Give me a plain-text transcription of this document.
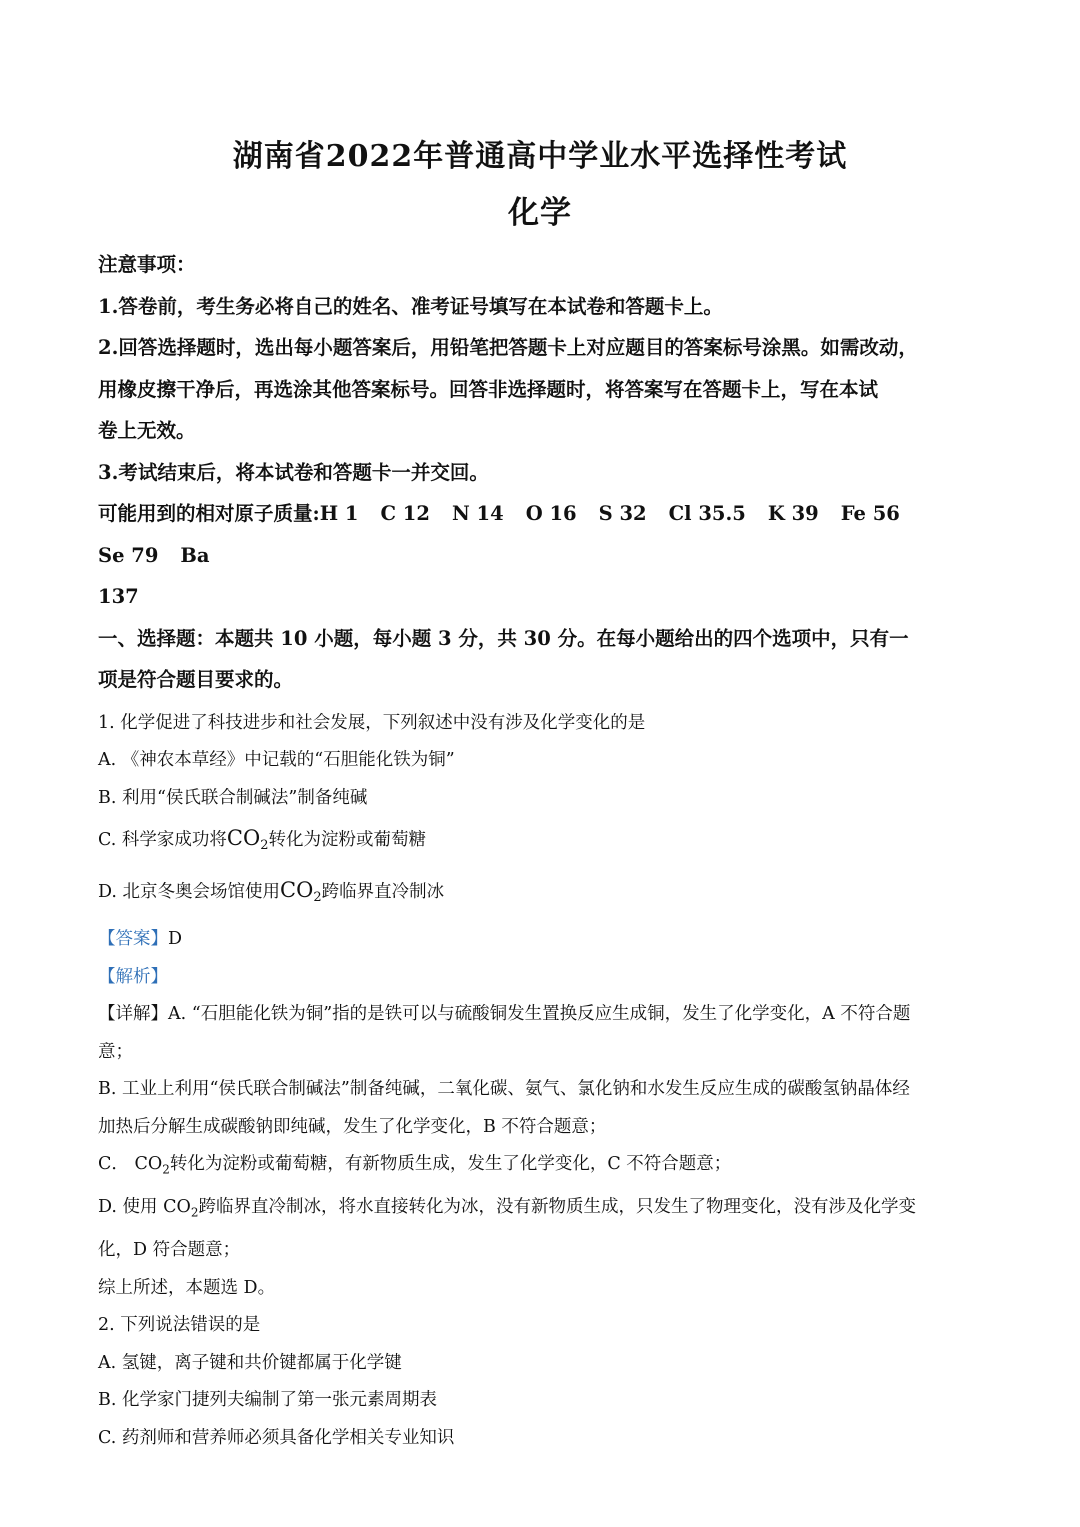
湖南省2022年普通高中学业水平选择性考试
化学

注意事项：

1.答卷前，考生务必将自己的姓名、准考证号填写在本试卷和答题卡上。

2.回答选择题时，选出每小题答案后，用铅笔把答题卡上对应题目的答案标号涂黑。如需改动，

用橡皮擦干净后，再选涂其他答案标号。回答非选择题时，将答案写在答题卡上，写在本试

卷上无效。

3.考试结束后，将本试卷和答题卡一并交回。

可能用到的相对原子质量:H 1 C 12 N 14 O 16 S 32 Cl 35.5 K 39 Fe 56Se 79 Ba

137

一、选择题：本题共 10 小题，每小题 3 分，共 30 分。在每小题给出的四个选项中，只有一

项是符合题目要求的。

1. 化学促进了科技进步和社会发展，下列叙述中没有涉及化学变化的是

A. 《神农本草经》中记载的“石胆能化铁为铜”

B. 利用“侯氏联合制碱法”制备纯碱

C. 科学家成功将$CO_2$转化为淀粉或葡萄糖

D. 北京冬奥会场馆使用$CO_2$跨临界直冷制冰

【答案】D

【解析】

【详解】A. “石胆能化铁为铜”指的是铁可以与硫酸铜发生置换反应生成铜，发生了化学变化，A 不符合题

意；

B. 工业上利用“侯氏联合制碱法”制备纯碱，二氧化碳、氨气、氯化钠和水发生反应生成的碳酸氢钠晶体经

加热后分解生成碳酸钠即纯碱，发生了化学变化，B 不符合题意；

C． $CO_2$转化为淀粉或葡萄糖，有新物质生成，发生了化学变化，C 不符合题意；

D. 使用 $CO_2$跨临界直冷制冰，将水直接转化为冰，没有新物质生成，只发生了物理变化，没有涉及化学变

化，D 符合题意；

综上所述，本题选 D。

2. 下列说法错误的是

A. 氢键，离子键和共价键都属于化学键

B. 化学家门捷列夫编制了第一张元素周期表

C. 药剂师和营养师必须具备化学相关专业知识
